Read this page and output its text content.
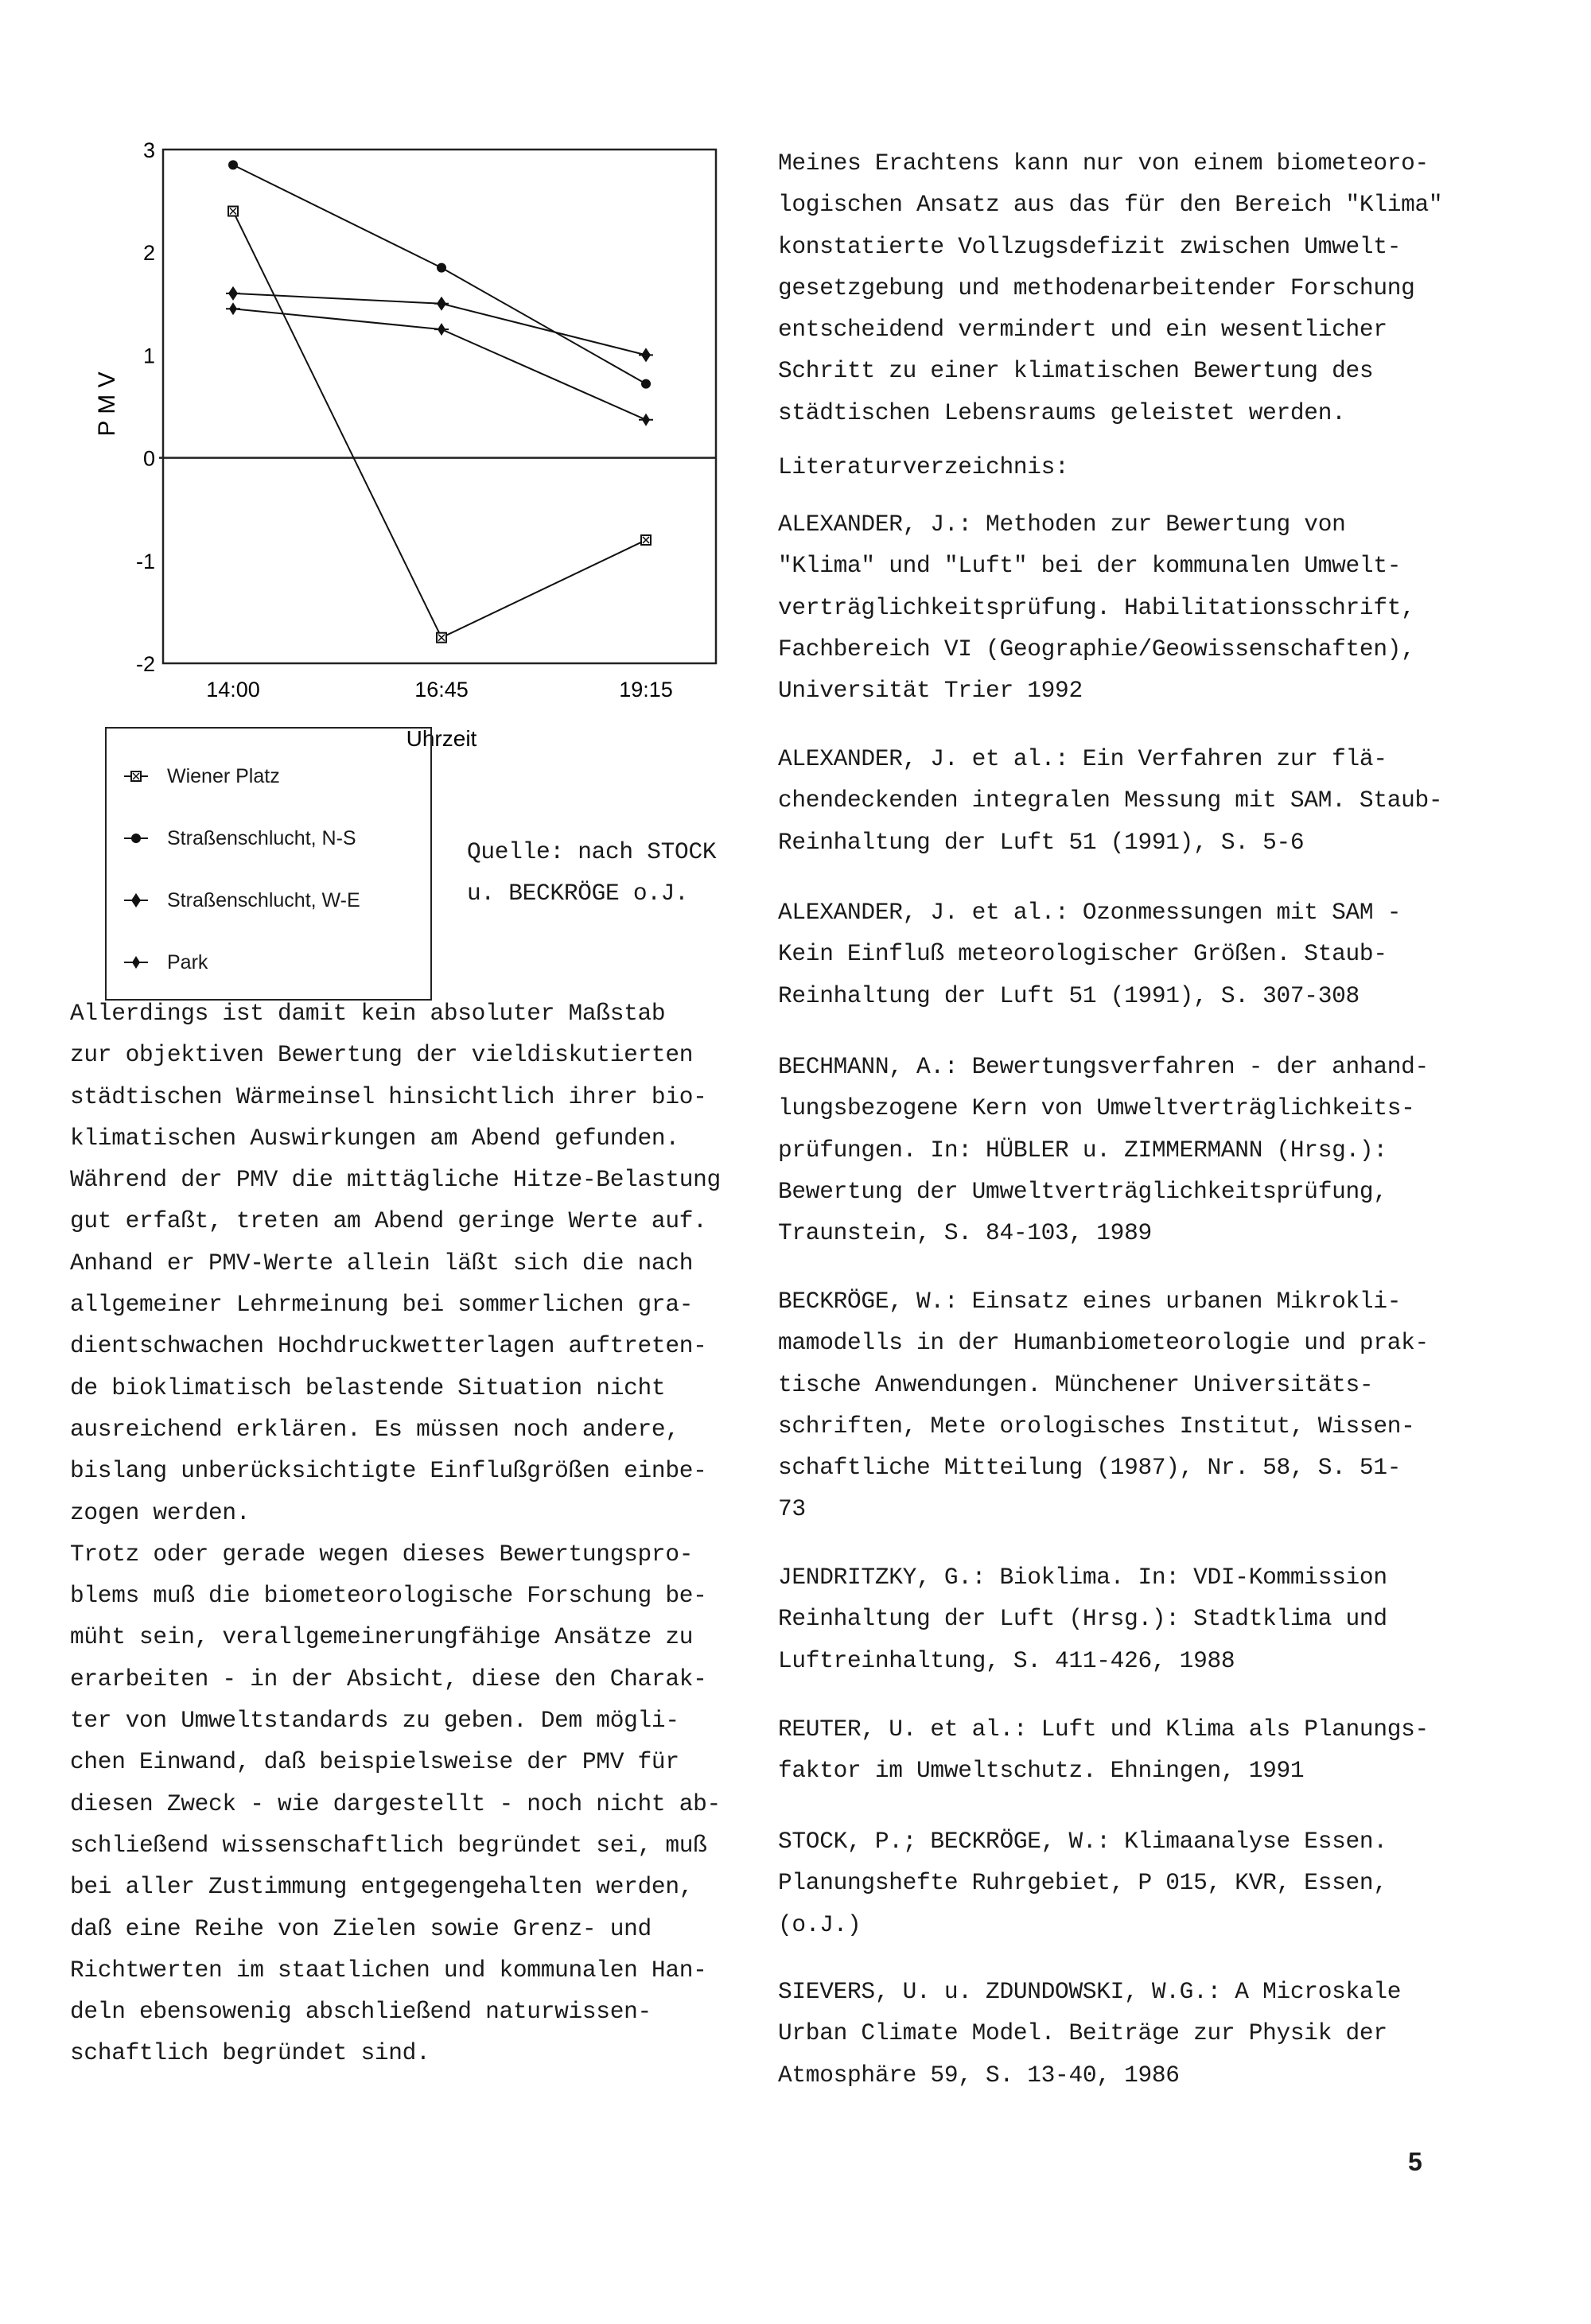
3
2
1
0
-1
-2
14:00	16:45	19:15
Uhrzeit
P M V
Wiener Platz
Straßenschlucht, N-S
Straßenschlucht, W-E
Park
Quelle: nach STOCK
u. BECKRÖGE o.J.
Allerdings ist damit kein absoluter Maßstab
zur objektiven Bewertung der vieldiskutierten
städtischen Wärmeinsel hinsichtlich ihrer bio-
klimatischen Auswirkungen am Abend gefunden.
Während der PMV die mittägliche Hitze-Belastung
gut erfaßt, treten am Abend geringe Werte auf.
Anhand er PMV-Werte allein läßt sich die nach
allgemeiner Lehrmeinung bei sommerlichen gra-
dientschwachen Hochdruckwetterlagen auftreten-
de bioklimatisch belastende Situation nicht
ausreichend erklären. Es müssen noch andere,
bislang unberücksichtigte Einflußgrößen einbe-
zogen werden.
Trotz oder gerade wegen dieses Bewertungspro-
blems muß die biometeorologische Forschung be-
müht sein, verallgemeinerungfähige Ansätze zu
erarbeiten - in der Absicht, diese den Charak-
ter von Umweltstandards zu geben. Dem mögli-
chen Einwand, daß beispielsweise der PMV für
diesen Zweck - wie dargestellt - noch nicht ab-
schließend wissenschaftlich begründet sei, muß
bei aller Zustimmung entgegengehalten werden,
daß eine Reihe von Zielen sowie Grenz- und
Richtwerten im staatlichen und kommunalen Han-
deln ebensowenig abschließend naturwissen-
schaftlich begründet sind.
Meines Erachtens kann nur von einem biometeoro-
logischen Ansatz aus das für den Bereich "Klima"
konstatierte Vollzugsdefizit zwischen Umwelt-
gesetzgebung und methodenarbeitender Forschung
entscheidend vermindert und ein wesentlicher
Schritt zu einer klimatischen Bewertung des
städtischen Lebensraums geleistet werden.
Literaturverzeichnis:
ALEXANDER, J.: Methoden zur Bewertung von
"Klima" und "Luft" bei der kommunalen Umwelt-
verträglichkeitsprüfung. Habilitationsschrift,
Fachbereich VI (Geographie/Geowissenschaften),
Universität Trier 1992
ALEXANDER, J. et al.: Ein Verfahren zur flä-
chendeckenden integralen Messung mit SAM. Staub-
Reinhaltung der Luft 51 (1991), S. 5-6
ALEXANDER, J. et al.: Ozonmessungen mit SAM -
Kein Einfluß meteorologischer Größen. Staub-
Reinhaltung der Luft 51 (1991), S. 307-308
BECHMANN, A.: Bewertungsverfahren - der anhand-
lungsbezogene Kern von Umweltverträglichkeits-
prüfungen. In: HÜBLER u. ZIMMERMANN (Hrsg.):
Bewertung der Umweltverträglichkeitsprüfung,
Traunstein, S. 84-103, 1989
BECKRÖGE, W.: Einsatz eines urbanen Mikrokli-
mamodells in der Humanbiometeorologie und prak-
tische Anwendungen. Münchener Universitäts-
schriften, Mete orologisches Institut, Wissen-
schaftliche Mitteilung (1987), Nr. 58, S. 51-
73
JENDRITZKY, G.: Bioklima. In: VDI-Kommission
Reinhaltung der Luft (Hrsg.): Stadtklima und
Luftreinhaltung, S. 411-426, 1988
REUTER, U. et al.: Luft und Klima als Planungs-
faktor im Umweltschutz. Ehningen, 1991
STOCK, P.; BECKRÖGE, W.: Klimaanalyse Essen.
Planungshefte Ruhrgebiet, P 015, KVR, Essen,
(o.J.)
SIEVERS, U. u. ZDUNDOWSKI, W.G.: A Microskale
Urban Climate Model. Beiträge zur Physik der
Atmosphäre 59, S. 13-40, 1986
5
